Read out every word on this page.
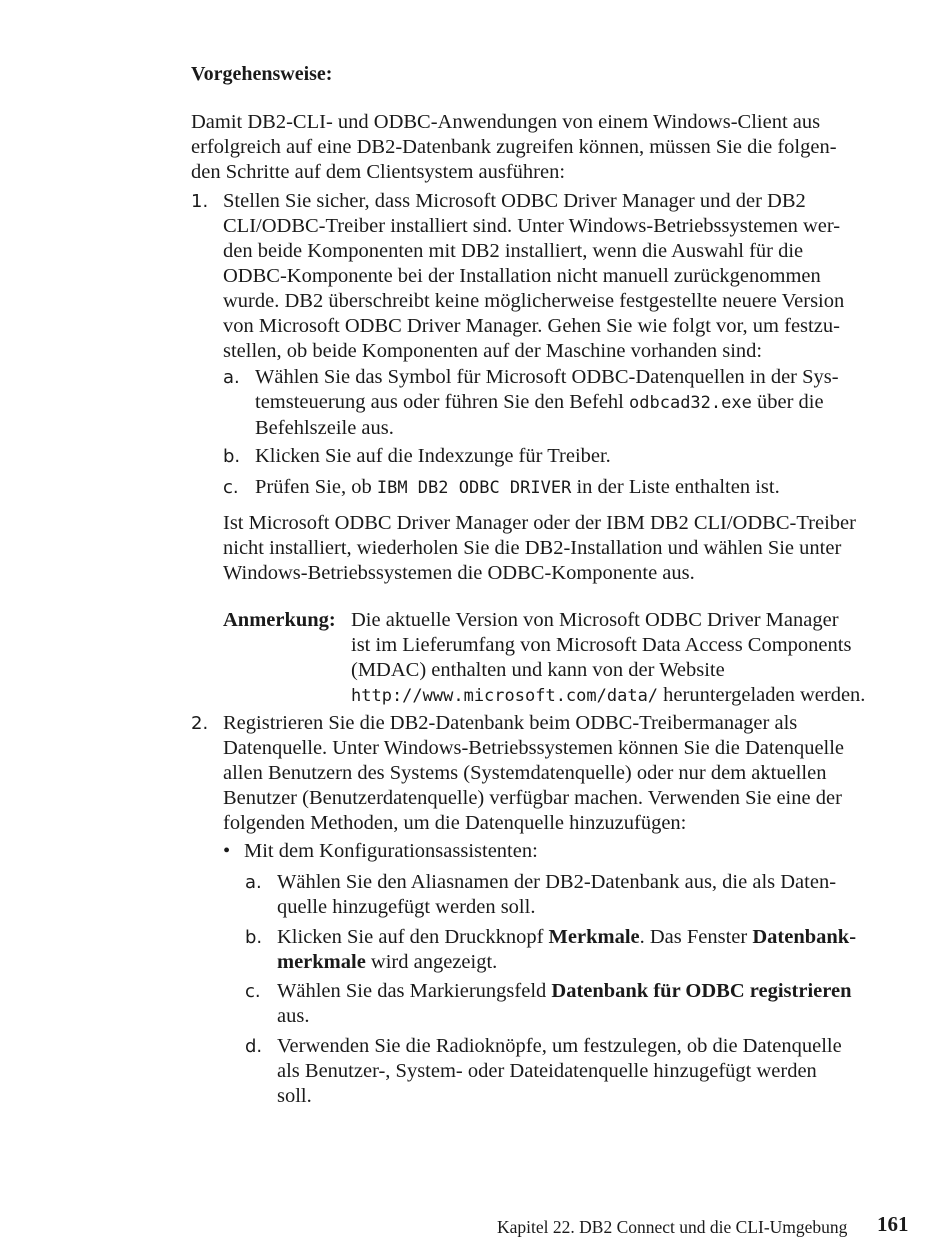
Vorgehensweise:
Damit DB2-CLI- und ODBC-Anwendungen von einem Windows-Client aus
erfolgreich auf eine DB2-Datenbank zugreifen können, müssen Sie die folgen-
den Schritte auf dem Clientsystem ausführen:
1. Stellen Sie sicher, dass Microsoft ODBC Driver Manager und der DB2
CLI/ODBC-Treiber installiert sind. Unter Windows-Betriebssystemen wer-
den beide Komponenten mit DB2 installiert, wenn die Auswahl für die
ODBC-Komponente bei der Installation nicht manuell zurückgenommen
wurde. DB2 überschreibt keine möglicherweise festgestellte neuere Version
von Microsoft ODBC Driver Manager. Gehen Sie wie folgt vor, um festzu-
stellen, ob beide Komponenten auf der Maschine vorhanden sind:
a. Wählen Sie das Symbol für Microsoft ODBC-Datenquellen in der Sys-
temsteuerung aus oder führen Sie den Befehl odbcad32.exe über die
Befehlszeile aus.
b. Klicken Sie auf die Indexzunge für Treiber.
c. Prüfen Sie, ob IBM DB2 ODBC DRIVER in der Liste enthalten ist.
Ist Microsoft ODBC Driver Manager oder der IBM DB2 CLI/ODBC-Treiber
nicht installiert, wiederholen Sie die DB2-Installation und wählen Sie unter
Windows-Betriebssystemen die ODBC-Komponente aus.
Anmerkung: Die aktuelle Version von Microsoft ODBC Driver Manager
ist im Lieferumfang von Microsoft Data Access Components
(MDAC) enthalten und kann von der Website
http://www.microsoft.com/data/ heruntergeladen werden.
2. Registrieren Sie die DB2-Datenbank beim ODBC-Treibermanager als
Datenquelle. Unter Windows-Betriebssystemen können Sie die Datenquelle
allen Benutzern des Systems (Systemdatenquelle) oder nur dem aktuellen
Benutzer (Benutzerdatenquelle) verfügbar machen. Verwenden Sie eine der
folgenden Methoden, um die Datenquelle hinzuzufügen:
• Mit dem Konfigurationsassistenten:
a. Wählen Sie den Aliasnamen der DB2-Datenbank aus, die als Daten-
quelle hinzugefügt werden soll.
b. Klicken Sie auf den Druckknopf Merkmale. Das Fenster Datenbank-
merkmale wird angezeigt.
c. Wählen Sie das Markierungsfeld Datenbank für ODBC registrieren
aus.
d. Verwenden Sie die Radioknöpfe, um festzulegen, ob die Datenquelle
als Benutzer-, System- oder Dateidatenquelle hinzugefügt werden
soll.
Kapitel 22. DB2 Connect und die CLI-Umgebung 161
